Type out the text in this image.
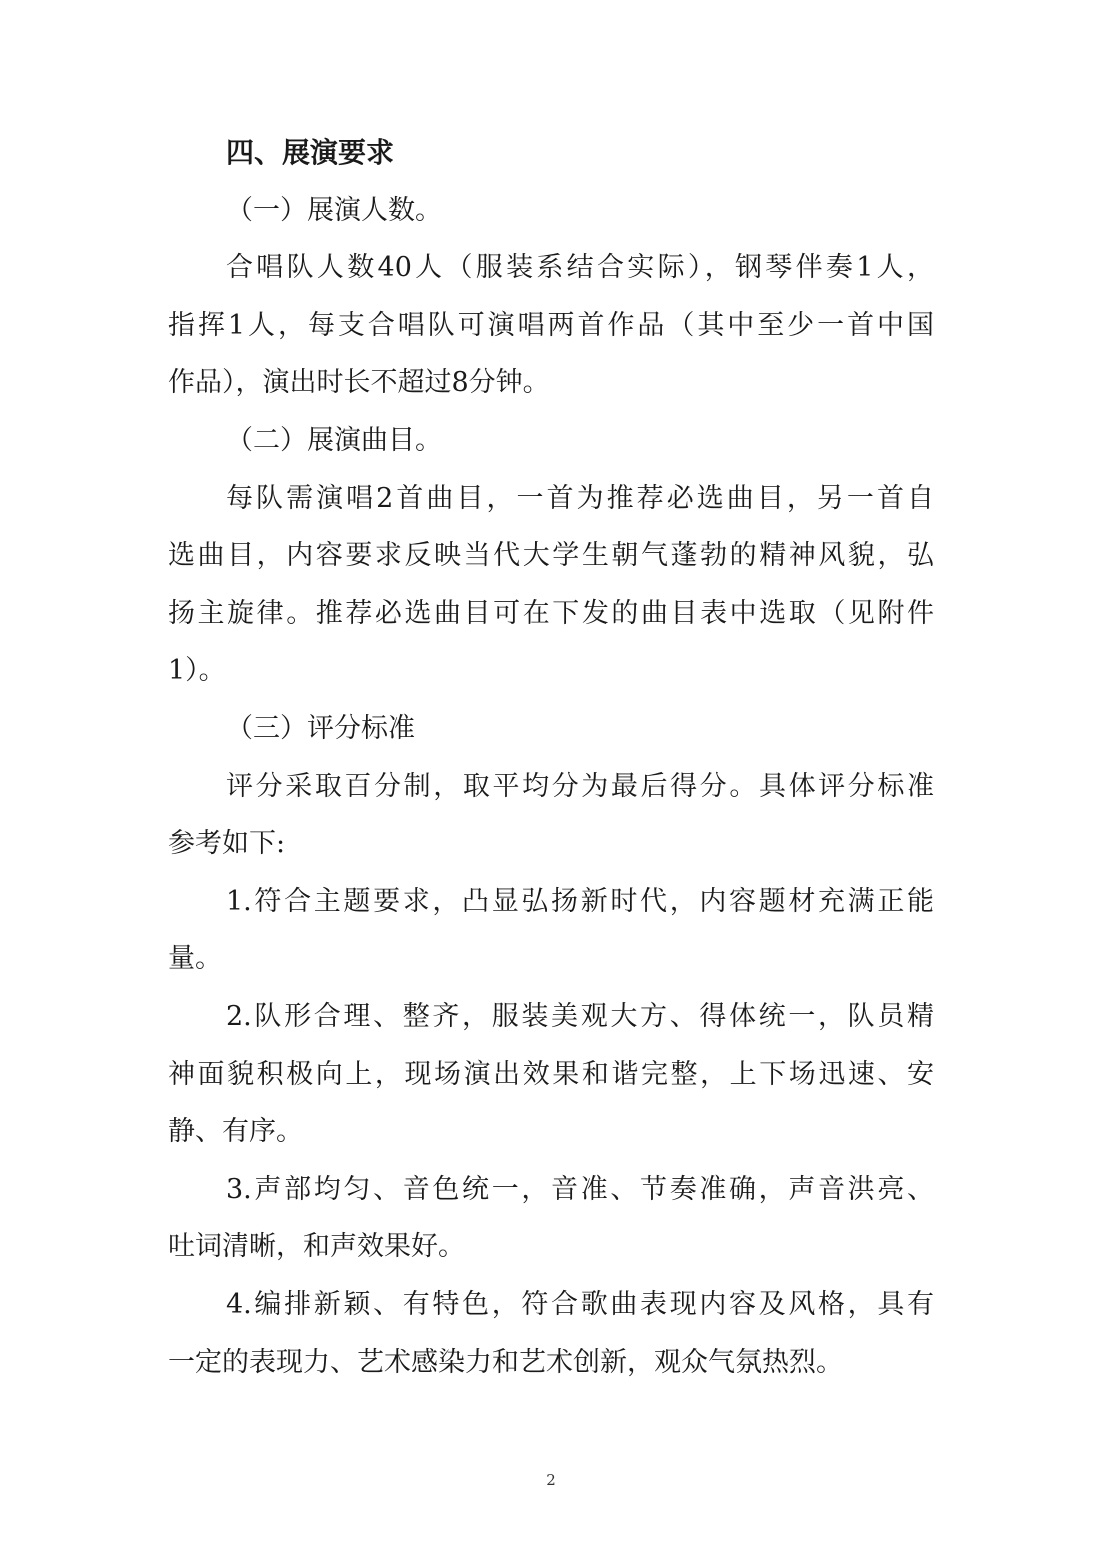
四、展演要求

（一）展演人数。

合唱队人数40人（服装系结合实际），钢琴伴奏1人，

指挥1人，每支合唱队可演唱两首作品（其中至少一首中国

作品），演出时长不超过8分钟。

（二）展演曲目。

每队需演唱2首曲目，一首为推荐必选曲目，另一首自

选曲目，内容要求反映当代大学生朝气蓬勃的精神风貌，弘

扬主旋律。推荐必选曲目可在下发的曲目表中选取（见附件

1）。

（三）评分标准

评分采取百分制，取平均分为最后得分。具体评分标准

参考如下:

1.符合主题要求，凸显弘扬新时代，内容题材充满正能

量。

2.队形合理、整齐，服装美观大方、得体统一，队员精

神面貌积极向上，现场演出效果和谐完整，上下场迅速、安

静、有序。

3.声部均匀、音色统一，音准、节奏准确，声音洪亮、

吐词清晰，和声效果好。

4.编排新颖、有特色，符合歌曲表现内容及风格，具有

一定的表现力、艺术感染力和艺术创新，观众气氛热烈。

2
